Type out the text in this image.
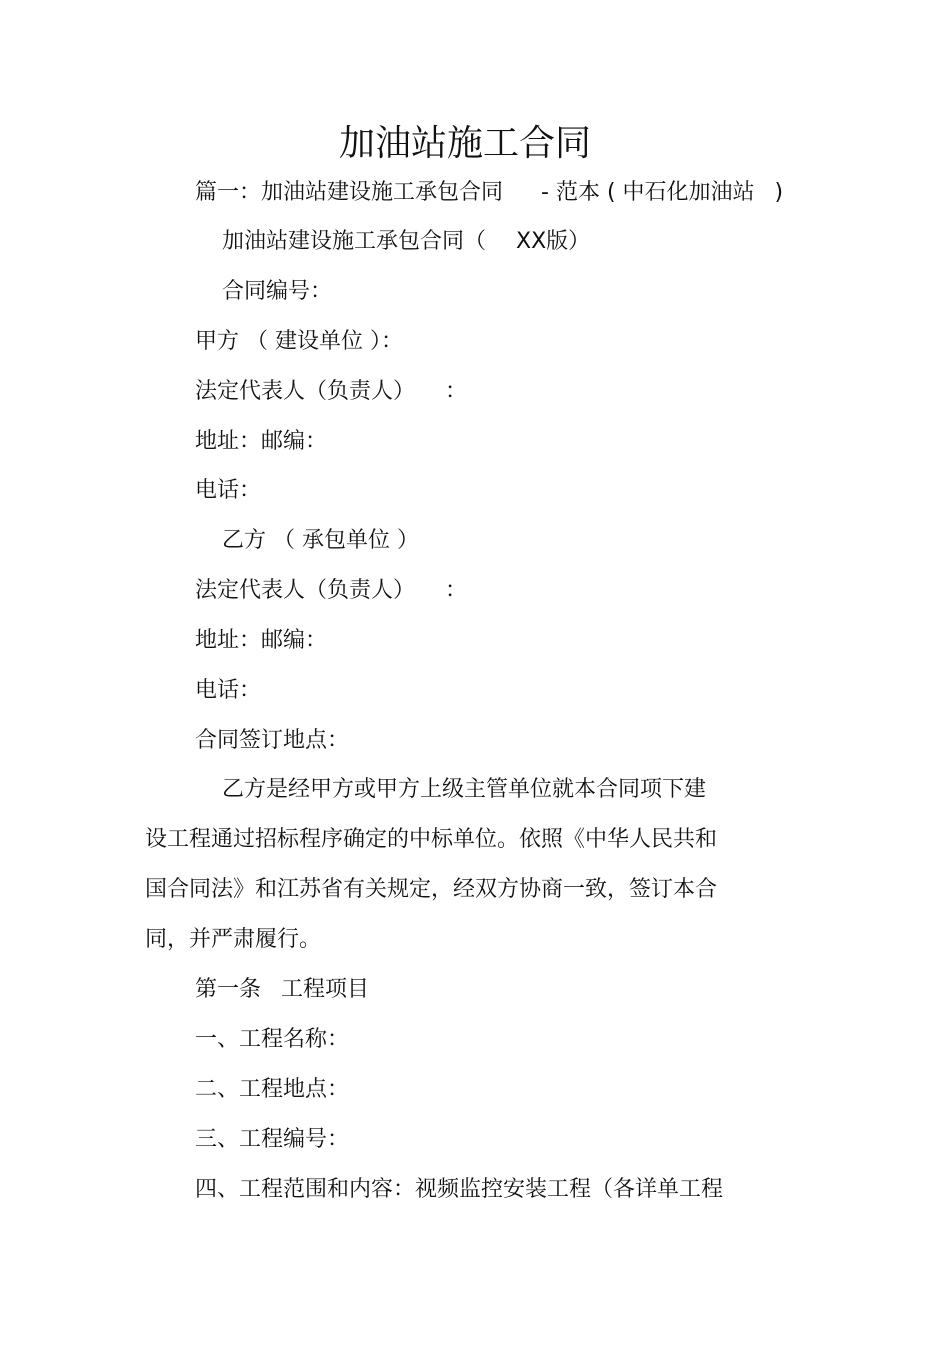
加油站施工合同
篇一：加油站建设施工承包合同 - 范本 ( 中石化加油站 )
加油站建设施工承包合同（ XX版）
合同编号：
甲方 （ 建设单位 ）：
法定代表人（负责人） ：
地址：邮编：
电话：
乙方 （ 承包单位 ）
法定代表人（负责人） ：
地址：邮编：
电话：
合同签订地点：
乙方是经甲方或甲方上级主管单位就本合同项下建
设工程通过招标程序确定的中标单位。依照《中华人民共和
国合同法》和江苏省有关规定，经双方协商一致，签订本合
同，并严肃履行。
第一条 工程项目
一、工程名称：
二、工程地点：
三、工程编号：
四、工程范围和内容：视频监控安装工程（各详单工程
